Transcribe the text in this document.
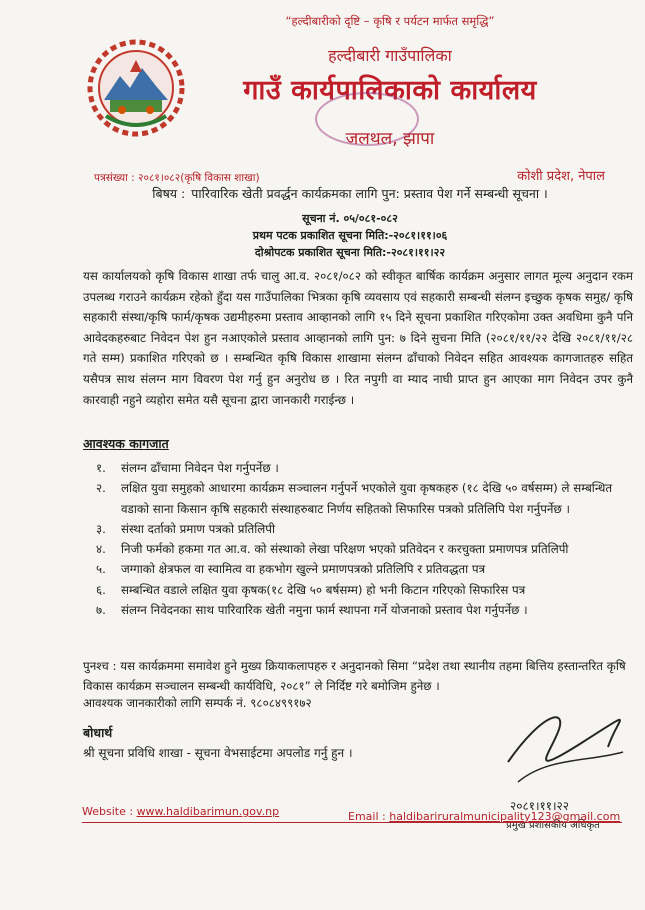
“हल्दीबारीको दृष्टि – कृषि र पर्यटन मार्फत समृद्धि”
हल्दीबारी गाउँपालिका
गाउँ कार्यपालिकाको कार्यालय
जलथल, झापा
पत्रसंख्या : २०८१।०८२(कृषि विकास शाखा)	कोशी प्रदेश, नेपाल
बिषय : पारिवारिक खेती प्रवर्द्धन कार्यक्रमका लागि पुन: प्रस्ताव पेश गर्ने सम्बन्धी सूचना ।
सूचना नं. ०५/०८१-०८२
प्रथम पटक प्रकाशित सूचना मिति:-२०८१।११।०६
दोश्रोपटक प्रकाशित सूचना मिति:-२०८१।११।२२
यस कार्यालयको कृषि विकास शाखा तर्फ चालु आ.व. २०८१/०८२ को स्वीकृत बार्षिक कार्यक्रम अनुसार लागत मूल्य अनुदान रकम उपलब्ध गराउने कार्यक्रम रहेको हुँदा यस गाउँपालिका भित्रका कृषि व्यवसाय एवं सहकारी सम्बन्धी संलग्न इच्छुक कृषक समुह/ कृषि सहकारी संस्था/कृषि फार्म/कृषक उद्यमीहरुमा प्रस्ताव आव्हानको लागि १५ दिने सूचना प्रकाशित गरिएकोमा उक्त अवधिमा कुनै पनि आवेदकहरुबाट निवेदन पेश हुन नआएकोले प्रस्ताव आव्हानको लागि पुन: ७ दिने सुचना मिति (२०८१/११/२२ देखि २०८१/११/२८ गते सम्म) प्रकाशित गरिएको छ । सम्बन्धित कृषि विकास शाखामा संलग्न ढाँचाको निवेदन सहित आवश्यक कागजातहरु सहित यसैपत्र साथ संलग्न माग विवरण पेश गर्नु हुन अनुरोध छ । रित नपुगी वा म्याद नाघी प्राप्त हुन आएका माग निवेदन उपर कुनै कारवाही नहुने व्यहोरा समेत यसै सूचना द्वारा जानकारी गराईन्छ ।
आवश्यक कागजात
१.	संलग्न ढाँचामा निवेदन पेश गर्नुपर्नेछ ।
२.	लक्षित युवा समुहको आधारमा कार्यक्रम सञ्चालन गर्नुपर्ने भएकोले युवा कृषकहरु (१८ देखि ५० वर्षसम्म) ले सम्बन्धित वडाको साना किसान कृषि सहकारी संस्थाहरुबाट निर्णय सहितको सिफारिस पत्रको प्रतिलिपि पेश गर्नुपर्नेछ ।
३.	संस्था दर्ताको प्रमाण पत्रको प्रतिलिपी
४.	निजी फर्मको हकमा गत आ.व. को संस्थाको लेखा परिक्षण भएको प्रतिवेदन र करचुक्ता प्रमाणपत्र प्रतिलिपी
५.	जग्गाको क्षेत्रफल वा स्वामित्व वा हकभोग खुल्ने प्रमाणपत्रको प्रतिलिपि र प्रतिवद्धता पत्र
६.	सम्बन्धित वडाले लक्षित युवा कृषक(१८ देखि ५० बर्षसम्म) हो भनी किटान गरिएको सिफारिस पत्र
७.	संलग्न निवेदनका साथ पारिवारिक खेती नमुना फार्म स्थापना गर्ने योजनाको प्रस्ताव पेश गर्नुपर्नेछ ।
पुनश्च : यस कार्यक्रममा समावेश हुने मुख्य क्रियाकलापहरु र अनुदानको सिमा “प्रदेश तथा स्थानीय तहमा बित्तिय हस्तान्तरित कृषि विकास कार्यक्रम सञ्चालन सम्बन्धी कार्यविधि, २०८१” ले निर्दिष्ट गरे बमोजिम हुनेछ ।
आवश्यक जानकारीको लागि सम्पर्क नं. ९८०८४९९१७२
बोधार्थ
श्री सूचना प्रविधि शाखा - सूचना वेभसाईटमा अपलोड गर्नु हुन ।
२०८१।११।२२
प्रमुख प्रशासकीय अधिकृत
Website : www.haldibarimun.gov.np	Email : haldibariruralmunicipality123@gmail.com
